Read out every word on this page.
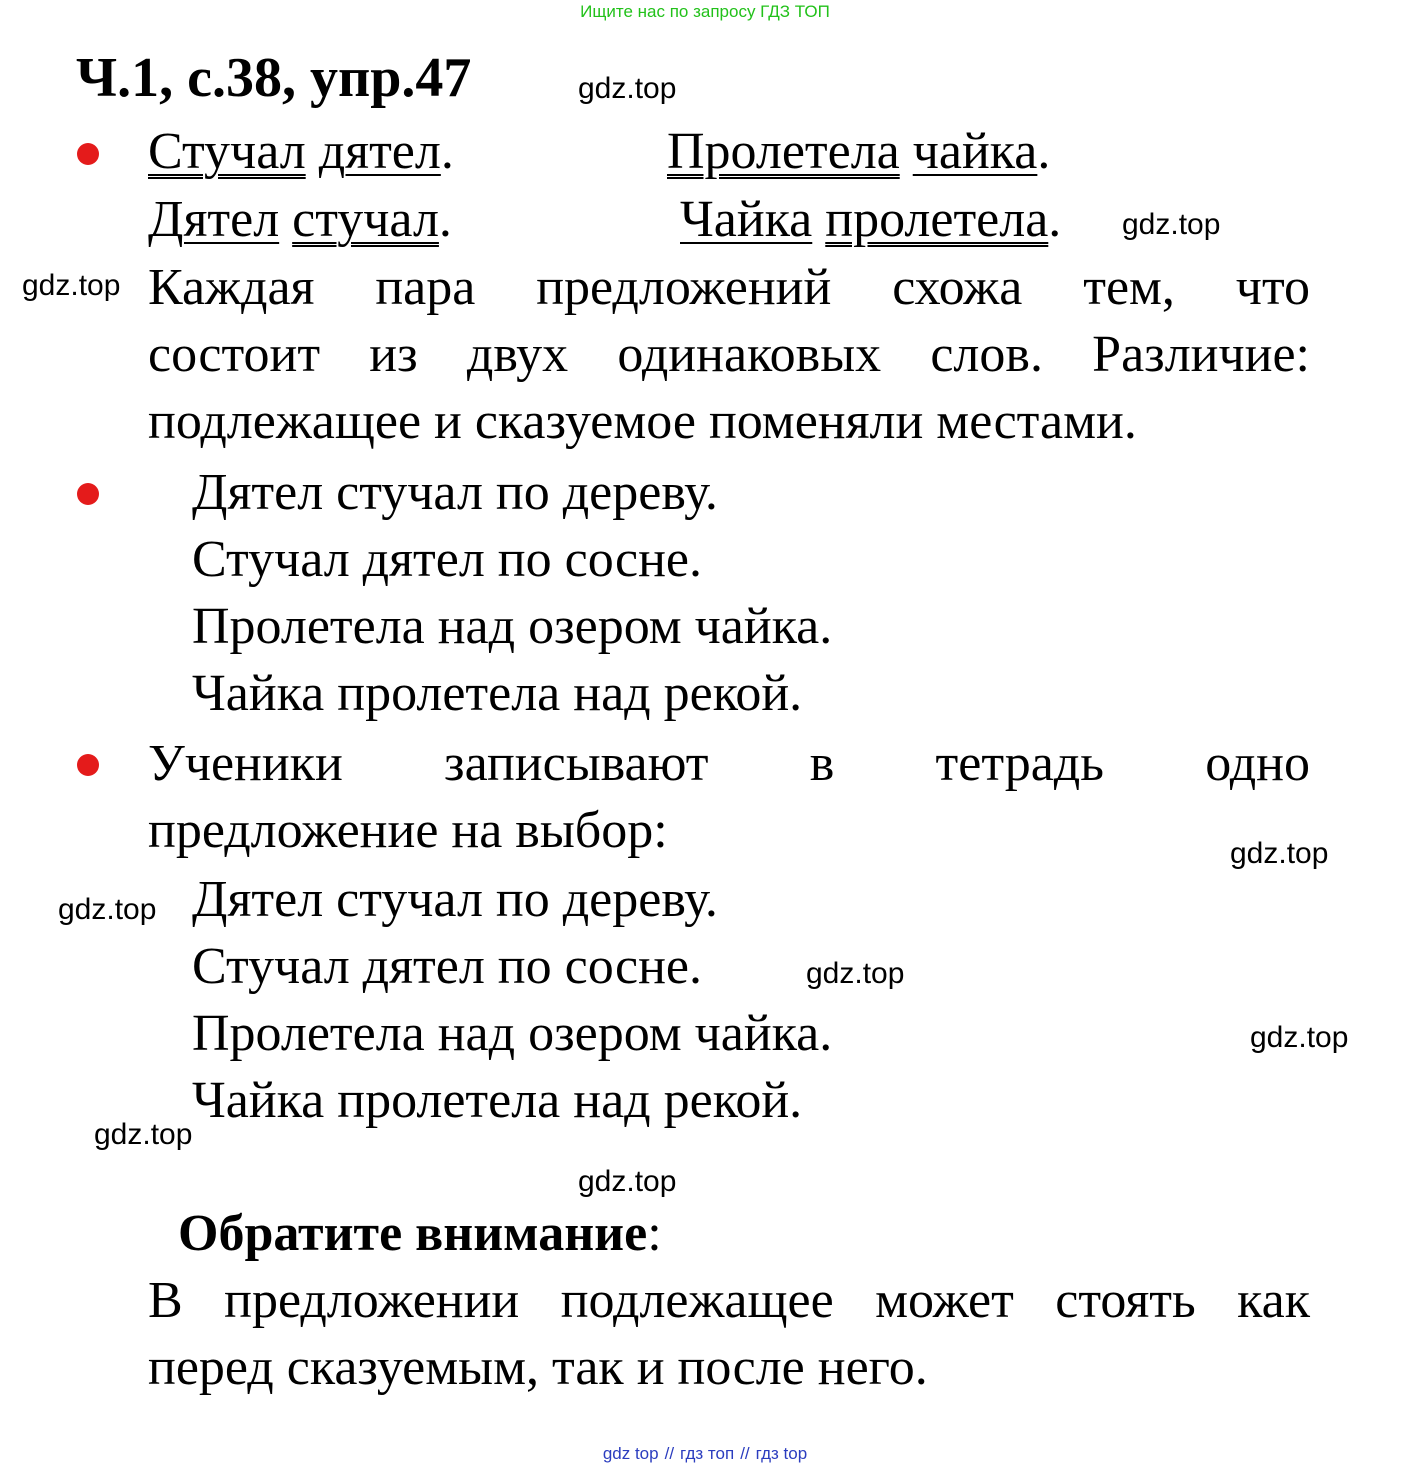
Ищите нас по запросу ГДЗ ТОП
Ч.1, с.38, упр.47	gdz.top
Стучал дятел.	Пролетела чайка.
Дятел стучал.	Чайка пролетела. gdz.top
gdz.top Каждая пара предложений схожа тем, что
состоит из двух одинаковых слов. Различие:
подлежащее и сказуемое поменяли местами.
Дятел стучал по дереву.
Стучал дятел по сосне.
Пролетела над озером чайка.
Чайка пролетела над рекой.
Ученики записывают в тетрадь одно
предложение на выбор:	gdz.top
gdz.top Дятел стучал по дереву.
Стучал дятел по сосне.	gdz.top
Пролетела над озером чайка.	gdz.top
Чайка пролетела над рекой.
gdz.top
gdz.top
Обратите внимание:
В предложении подлежащее может стоять как
перед сказуемым, так и после него.
gdz top // гдз топ // гдз top
